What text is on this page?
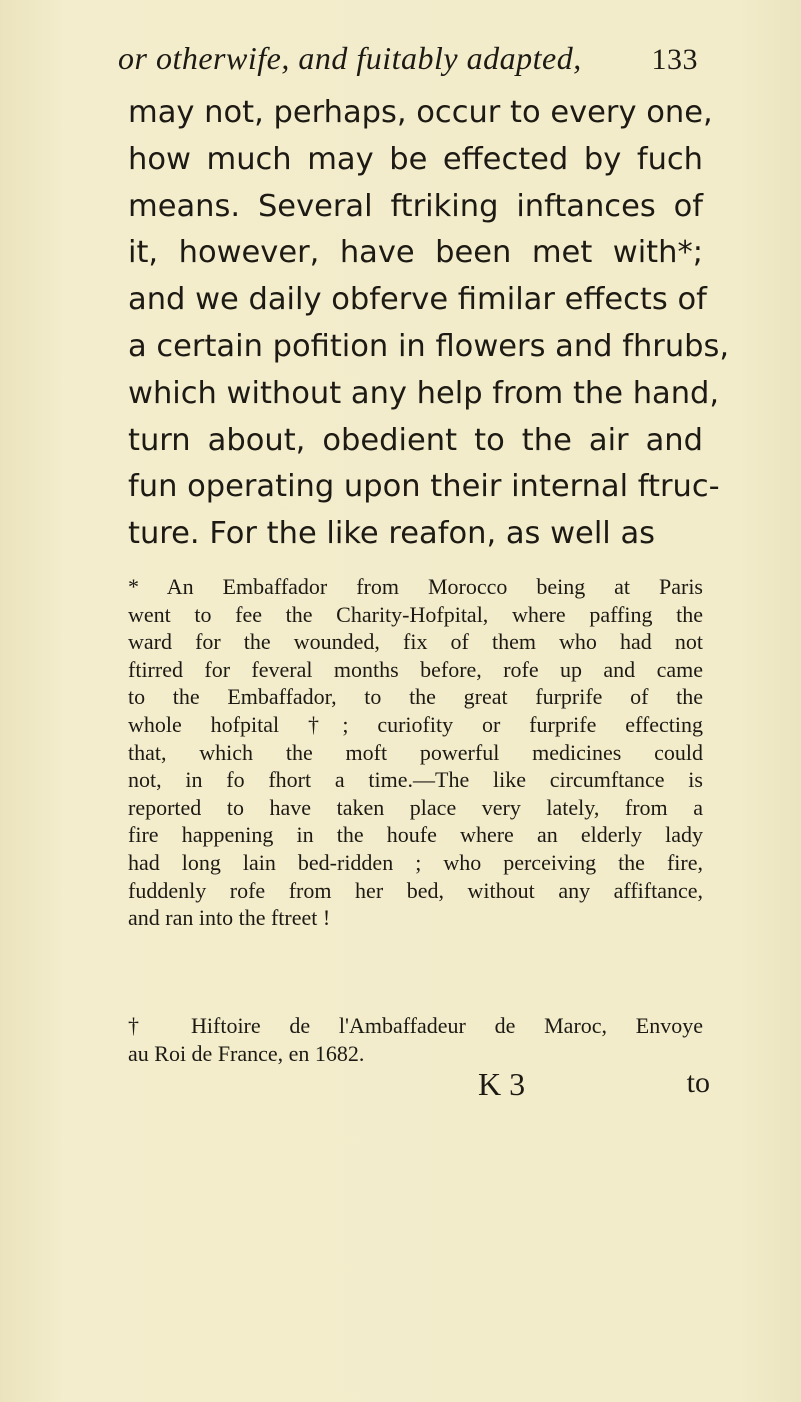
or otherwife, and fuitably adapted, 133
may not, perhaps, occur to every one,
how much may be effected by fuch
means. Several ftriking inftances of
it, however, have been met with*;
and we daily obferve fimilar effects of
a certain pofition in flowers and fhrubs,
which without any help from the hand,
turn about, obedient to the air and
fun operating upon their internal ftruc-
ture. For the like reafon, as well as
* An Embaffador from Morocco being at Paris
went to fee the Charity-Hofpital, where paffing the
ward for the wounded, fix of them who had not
ftirred for feveral months before, rofe up and came
to the Embaffador, to the great furprife of the
whole hofpital †; curiofity or furprife effecting
that, which the moft powerful medicines could
not, in fo fhort a time.—The like circumftance is
reported to have taken place very lately, from a
fire happening in the houfe where an elderly lady
had long lain bed-ridden ; who perceiving the fire,
fuddenly rofe from her bed, without any affiftance,
and ran into the ftreet !
† Hiftoire de l'Ambaffadeur de Maroc, Envoye
au Roi de France, en 1682.
K 3	to
